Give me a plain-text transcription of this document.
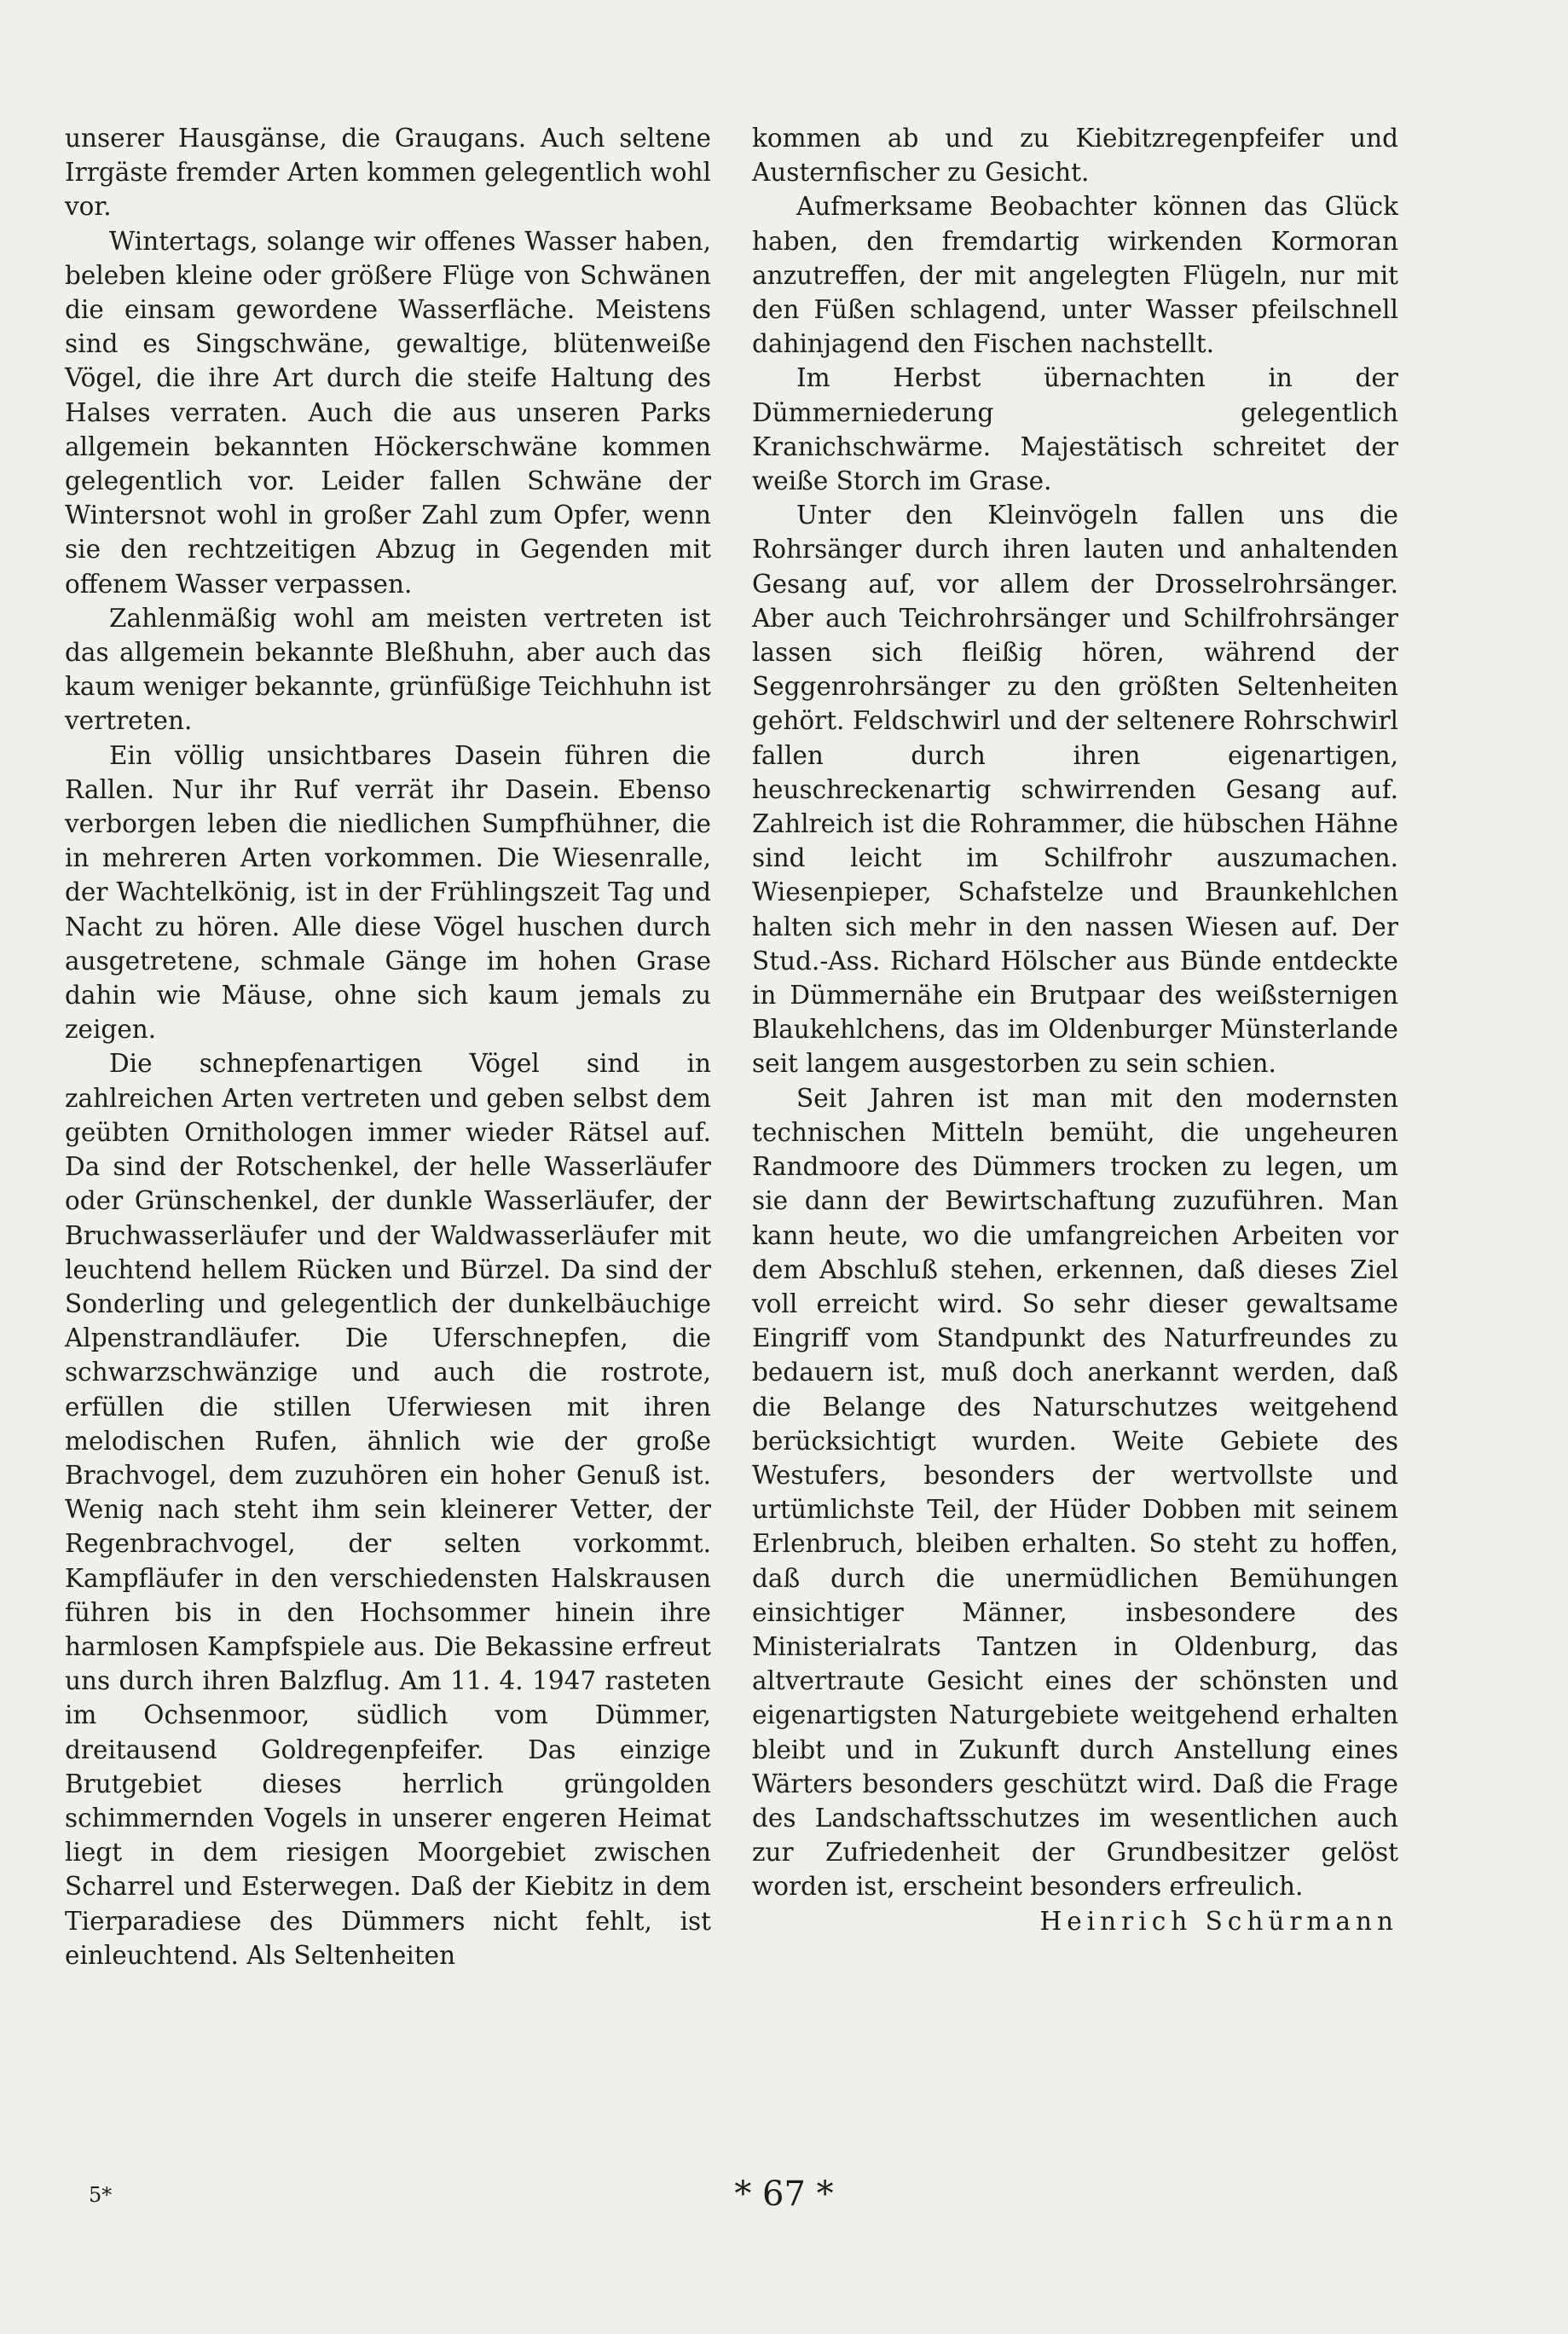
unserer Hausgänse, die Graugans. Auch seltene Irrgäste fremder Arten kommen gelegentlich wohl vor.

Wintertags, solange wir offenes Wasser haben, beleben kleine oder größere Flüge von Schwänen die einsam gewordene Wasserfläche. Meistens sind es Singschwäne, gewaltige, blütenweiße Vögel, die ihre Art durch die steife Haltung des Halses verraten. Auch die aus unseren Parks allgemein bekannten Höckerschwäne kommen gelegentlich vor. Leider fallen Schwäne der Wintersnot wohl in großer Zahl zum Opfer, wenn sie den rechtzeitigen Abzug in Gegenden mit offenem Wasser verpassen.

Zahlenmäßig wohl am meisten vertreten ist das allgemein bekannte Bleßhuhn, aber auch das kaum weniger bekannte, grünfüßige Teichhuhn ist vertreten.

Ein völlig unsichtbares Dasein führen die Rallen. Nur ihr Ruf verrät ihr Dasein. Ebenso verborgen leben die niedlichen Sumpfhühner, die in mehreren Arten vorkommen. Die Wiesenralle, der Wachtelkönig, ist in der Frühlingszeit Tag und Nacht zu hören. Alle diese Vögel huschen durch ausgetretene, schmale Gänge im hohen Grase dahin wie Mäuse, ohne sich kaum jemals zu zeigen.

Die schnepfenartigen Vögel sind in zahlreichen Arten vertreten und geben selbst dem geübten Ornithologen immer wieder Rätsel auf. Da sind der Rotschenkel, der helle Wasserläufer oder Grünschenkel, der dunkle Wasserläufer, der Bruchwasserläufer und der Waldwasserläufer mit leuchtend hellem Rücken und Bürzel. Da sind der Sonderling und gelegentlich der dunkelbäuchige Alpenstrandläufer. Die Uferschnepfen, die schwarzschwänzige und auch die rostrote, erfüllen die stillen Uferwiesen mit ihren melodischen Rufen, ähnlich wie der große Brachvogel, dem zuzuhören ein hoher Genuß ist. Wenig nach steht ihm sein kleinerer Vetter, der Regenbrachvogel, der selten vorkommt. Kampfläufer in den verschiedensten Halskrausen führen bis in den Hochsommer hinein ihre harmlosen Kampfspiele aus. Die Bekassine erfreut uns durch ihren Balzflug. Am 11. 4. 1947 rasteten im Ochsenmoor, südlich vom Dümmer, dreitausend Goldregenpfeifer. Das einzige Brutgebiet dieses herrlich grüngolden schimmernden Vogels in unserer engeren Heimat liegt in dem riesigen Moorgebiet zwischen Scharrel und Esterwegen. Daß der Kiebitz in dem Tierparadiese des Dümmers nicht fehlt, ist einleuchtend. Als Seltenheiten

kommen ab und zu Kiebitzregenpfeifer und Austernfischer zu Gesicht.

Aufmerksame Beobachter können das Glück haben, den fremdartig wirkenden Kormoran anzutreffen, der mit angelegten Flügeln, nur mit den Füßen schlagend, unter Wasser pfeilschnell dahinjagend den Fischen nachstellt.

Im Herbst übernachten in der Dümmerniederung gelegentlich Kranichschwärme. Majestätisch schreitet der weiße Storch im Grase.

Unter den Kleinvögeln fallen uns die Rohrsänger durch ihren lauten und anhaltenden Gesang auf, vor allem der Drosselrohrsänger. Aber auch Teichrohrsänger und Schilfrohrsänger lassen sich fleißig hören, während der Seggenrohrsänger zu den größten Seltenheiten gehört. Feldschwirl und der seltenere Rohrschwirl fallen durch ihren eigenartigen, heuschreckenartig schwirrenden Gesang auf. Zahlreich ist die Rohrammer, die hübschen Hähne sind leicht im Schilfrohr auszumachen. Wiesenpieper, Schafstelze und Braunkehlchen halten sich mehr in den nassen Wiesen auf. Der Stud.-Ass. Richard Hölscher aus Bünde entdeckte in Dümmernähe ein Brutpaar des weißsternigen Blaukehlchens, das im Oldenburger Münsterlande seit langem ausgestorben zu sein schien.

Seit Jahren ist man mit den modernsten technischen Mitteln bemüht, die ungeheuren Randmoore des Dümmers trocken zu legen, um sie dann der Bewirtschaftung zuzuführen. Man kann heute, wo die umfangreichen Arbeiten vor dem Abschluß stehen, erkennen, daß dieses Ziel voll erreicht wird. So sehr dieser gewaltsame Eingriff vom Standpunkt des Naturfreundes zu bedauern ist, muß doch anerkannt werden, daß die Belange des Naturschutzes weitgehend berücksichtigt wurden. Weite Gebiete des Westufers, besonders der wertvollste und urtümlichste Teil, der Hüder Dobben mit seinem Erlenbruch, bleiben erhalten. So steht zu hoffen, daß durch die unermüdlichen Bemühungen einsichtiger Männer, insbesondere des Ministerialrats Tantzen in Oldenburg, das altvertraute Gesicht eines der schönsten und eigenartigsten Naturgebiete weitgehend erhalten bleibt und in Zukunft durch Anstellung eines Wärters besonders geschützt wird. Daß die Frage des Landschaftsschutzes im wesentlichen auch zur Zufriedenheit der Grundbesitzer gelöst worden ist, erscheint besonders erfreulich.

Heinrich Schürmann

5*	* 67 *
